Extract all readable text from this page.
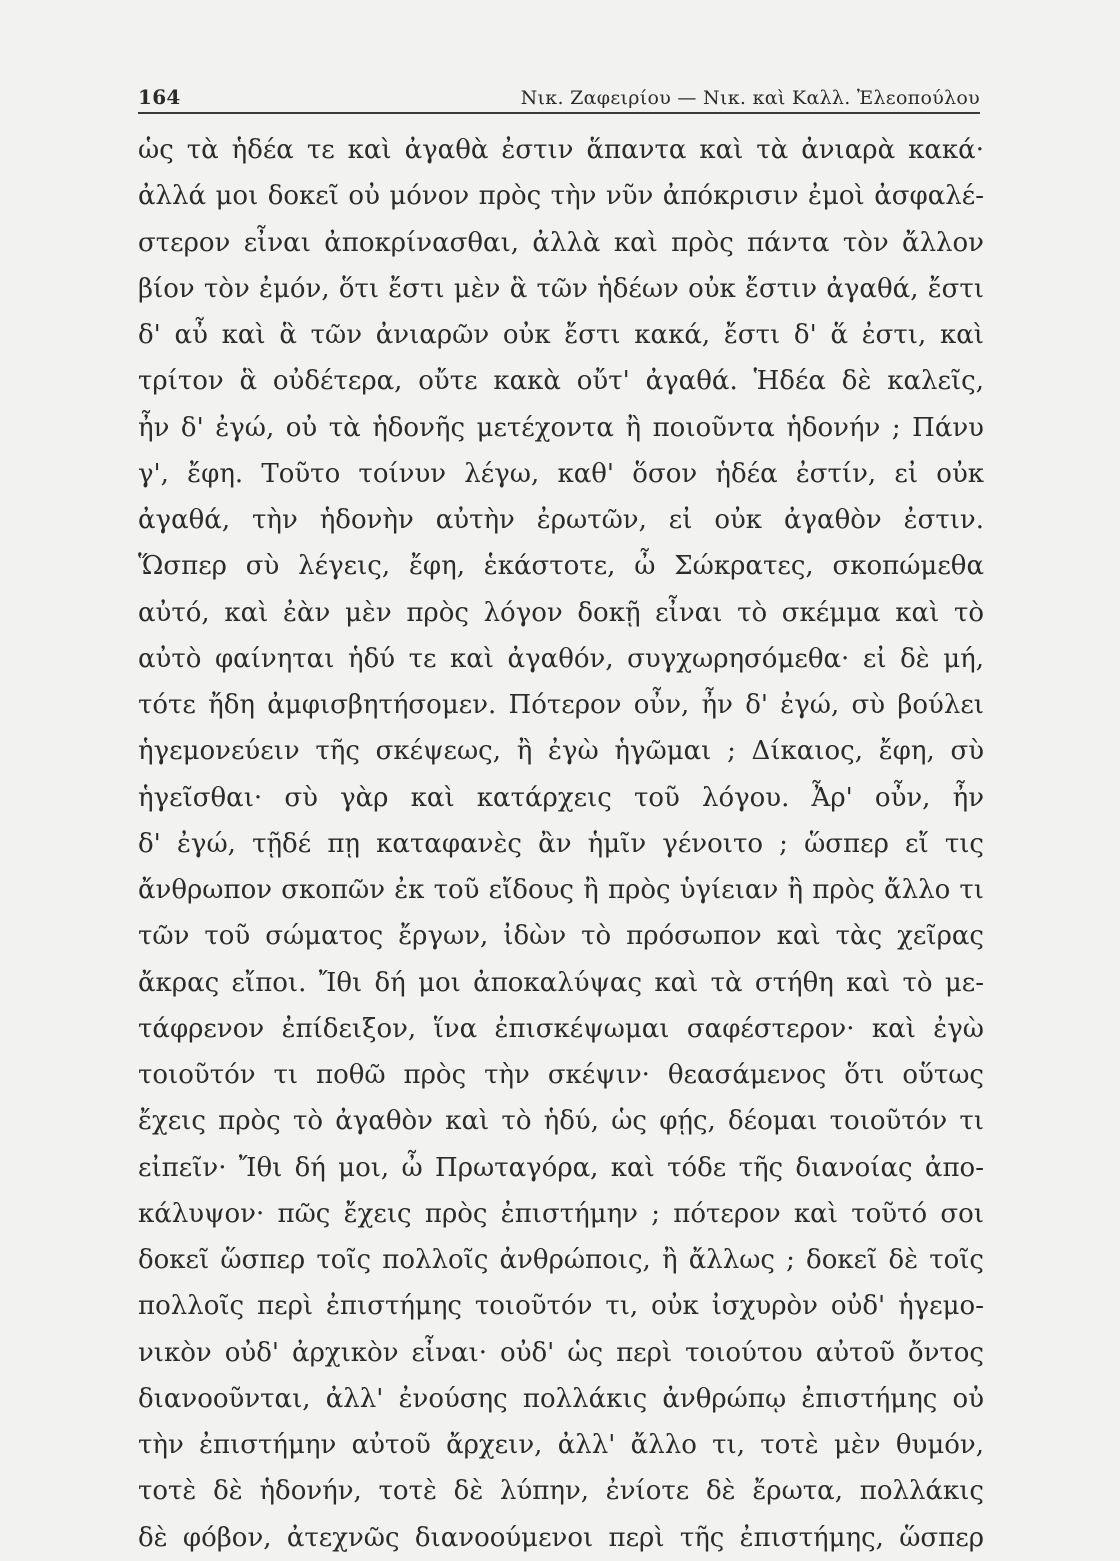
164	Νικ. Ζαφειρίου — Νικ. καὶ Καλλ. Ἐλεοπούλου
ὡς τὰ ἡδέα τε καὶ ἀγαθὰ ἐστιν ἅπαντα καὶ τὰ ἀνιαρὰ κακά·
ἀλλά μοι δοκεῖ οὐ μόνον πρὸς τὴν νῦν ἀπόκρισιν ἐμοὶ ἀσφαλέ-
στερον εἶναι ἀποκρίνασθαι, ἀλλὰ καὶ πρὸς πάντα τὸν ἄλλον
βίον τὸν ἐμόν, ὅτι ἔστι μὲν ἃ τῶν ἡδέων οὐκ ἔστιν ἀγαθά, ἔστι
δ' αὖ καὶ ἃ τῶν ἀνιαρῶν οὐκ ἔστι κακά, ἔστι δ' ἅ ἐστι, καὶ
τρίτον ἃ οὐδέτερα, οὔτε κακὰ οὔτ' ἀγαθά. Ἡδέα δὲ καλεῖς,
ἦν δ' ἐγώ, οὐ τὰ ἡδονῆς μετέχοντα ἢ ποιοῦντα ἡδονήν ; Πάνυ
γ', ἔφη. Τοῦτο τοίνυν λέγω, καθ' ὅσον ἡδέα ἐστίν, εἰ οὐκ
ἀγαθά, τὴν ἡδονὴν αὐτὴν ἐρωτῶν, εἰ οὐκ ἀγαθὸν ἐστιν.
Ὥσπερ σὺ λέγεις, ἔφη, ἑκάστοτε, ὦ Σώκρατες, σκοπώμεθα
αὐτό, καὶ ἐὰν μὲν πρὸς λόγον δοκῇ εἶναι τὸ σκέμμα καὶ τὸ
αὐτὸ φαίνηται ἡδύ τε καὶ ἀγαθόν, συγχωρησόμεθα· εἰ δὲ μή,
τότε ἤδη ἀμφισβητήσομεν. Πότερον οὖν, ἦν δ' ἐγώ, σὺ βούλει
ἡγεμονεύειν τῆς σκέψεως, ἢ ἐγὼ ἡγῶμαι ; Δίκαιος, ἔφη, σὺ
ἡγεῖσθαι· σὺ γὰρ καὶ κατάρχεις τοῦ λόγου. Ἆρ' οὖν, ἦν
δ' ἐγώ, τῇδέ πῃ καταφανὲς ἂν ἡμῖν γένοιτο ; ὥσπερ εἴ τις
ἄνθρωπον σκοπῶν ἐκ τοῦ εἴδους ἢ πρὸς ὑγίειαν ἢ πρὸς ἄλλο τι
τῶν τοῦ σώματος ἔργων, ἰδὼν τὸ πρόσωπον καὶ τὰς χεῖρας
ἄκρας εἴποι. Ἴθι δή μοι ἀποκαλύψας καὶ τὰ στήθη καὶ τὸ με-
τάφρενον ἐπίδειξον, ἵνα ἐπισκέψωμαι σαφέστερον· καὶ ἐγὼ
τοιοῦτόν τι ποθῶ πρὸς τὴν σκέψιν· θεασάμενος ὅτι οὕτως
ἔχεις πρὸς τὸ ἀγαθὸν καὶ τὸ ἡδύ, ὡς φῄς, δέομαι τοιοῦτόν τι
εἰπεῖν· Ἴθι δή μοι, ὦ Πρωταγόρα, καὶ τόδε τῆς διανοίας ἀπο-
κάλυψον· πῶς ἔχεις πρὸς ἐπιστήμην ; πότερον καὶ τοῦτό σοι
δοκεῖ ὥσπερ τοῖς πολλοῖς ἀνθρώποις, ἢ ἄλλως ; δοκεῖ δὲ τοῖς
πολλοῖς περὶ ἐπιστήμης τοιοῦτόν τι, οὐκ ἰσχυρὸν οὐδ' ἡγεμο-
νικὸν οὐδ' ἀρχικὸν εἶναι· οὐδ' ὡς περὶ τοιούτου αὐτοῦ ὄντος
διανοοῦνται, ἀλλ' ἐνούσης πολλάκις ἀνθρώπῳ ἐπιστήμης οὐ
τὴν ἐπιστήμην αὐτοῦ ἄρχειν, ἀλλ' ἄλλο τι, τοτὲ μὲν θυμόν,
τοτὲ δὲ ἡδονήν, τοτὲ δὲ λύπην, ἐνίοτε δὲ ἔρωτα, πολλάκις
δὲ φόβον, ἀτεχνῶς διανοούμενοι περὶ τῆς ἐπιστήμης, ὥσπερ
